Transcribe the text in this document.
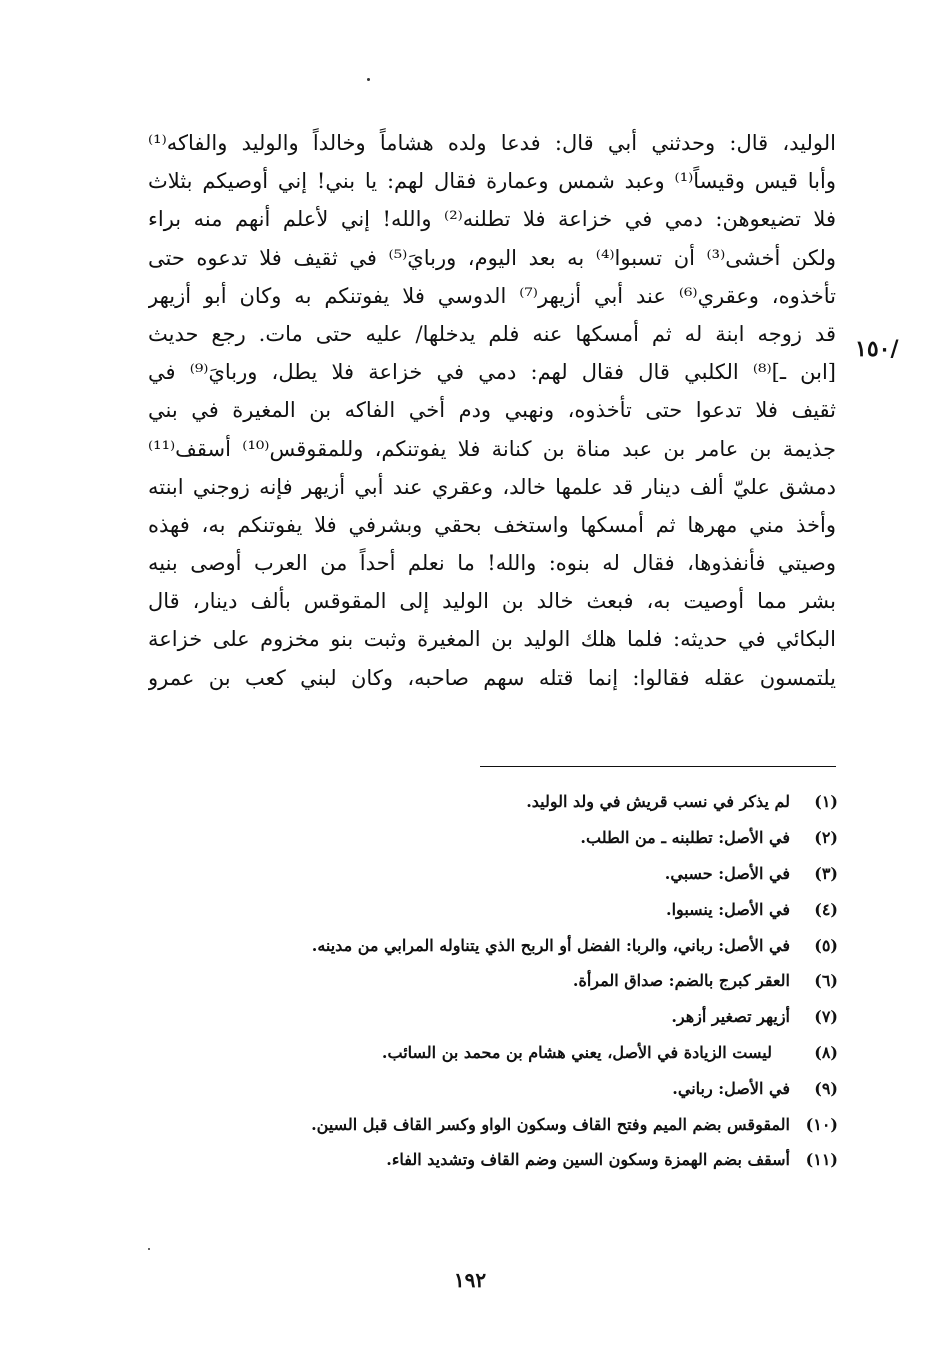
الوليد، قال: وحدثني أبي قال: فدعا ولده هشاماً وخالداً والوليد والفاكه⁽¹⁾
وأبا قيس وقيساً⁽¹⁾ وعبد شمس وعمارة فقال لهم: يا بني! إني أوصيكم بثلاث
فلا تضيعوهن: دمي في خزاعة فلا تطلنه⁽²⁾ والله! إني لأعلم أنهم منه براء
ولكن أخشى⁽³⁾ أن تسبوا⁽⁴⁾ به بعد اليوم، وربايَ⁽⁵⁾ في ثقيف فلا تدعوه حتى
تأخذوه، وعقري⁽⁶⁾ عند أبي أزيهر⁽⁷⁾ الدوسي فلا يفوتنكم به وكان أبو أزيهر
قد زوجه ابنة له ثم أمسكها عنه فلم يدخلها/ عليه حتى مات. رجع حديث
[ابن ـ]⁽⁸⁾ الكلبي قال فقال لهم: دمي في خزاعة فلا يطل، وربايَ⁽⁹⁾ في
ثقيف فلا تدعوا حتى تأخذوه، ونهبي ودم أخي الفاكه بن المغيرة في بني
جذيمة بن عامر بن عبد مناة بن كنانة فلا يفوتنكم، وللمقوقس⁽¹⁰⁾ أسقف⁽¹¹⁾
دمشق عليّ ألف دينار قد علمها خالد، وعقري عند أبي أزيهر فإنه زوجني ابنته
وأخذ مني مهرها ثم أمسكها واستخف بحقي وبشرفي فلا يفوتنكم به، فهذه
وصيتي فأنفذوها، فقال له بنوه: والله! ما نعلم أحداً من العرب أوصى بنيه
بشر مما أوصيت به، فبعث خالد بن الوليد إلى المقوقس بألف دينار، قال
البكائي في حديثه: فلما هلك الوليد بن المغيرة وثبت بنو مخزوم على خزاعة
يلتمسون عقله فقالوا: إنما قتله سهم صاحبه، وكان لبني كعب بن عمرو
/١٥٠
(١)
لم يذكر في نسب قريش في ولد الوليد.
(٢)
في الأصل: تطلبنه ـ من الطلب.
(٣)
في الأصل: حسبي.
(٤)
في الأصل: ينسبوا.
(٥)
في الأصل: رباني، والربا: الفضل أو الربح الذي يتناوله المرابي من مدينه.
(٦)
العقر كبرج بالضم: صداق المرأة.
(٧)
أزيهر تصغير أزهر.
(٨)
ليست الزيادة في الأصل، يعني هشام بن محمد بن السائب.
(٩)
في الأصل: رباني.
(١٠)
المقوقس بضم الميم وفتح القاف وسكون الواو وكسر القاف قبل السين.
(١١)
أسقف بضم الهمزة وسكون السين وضم القاف وتشديد الفاء.
١٩٢
